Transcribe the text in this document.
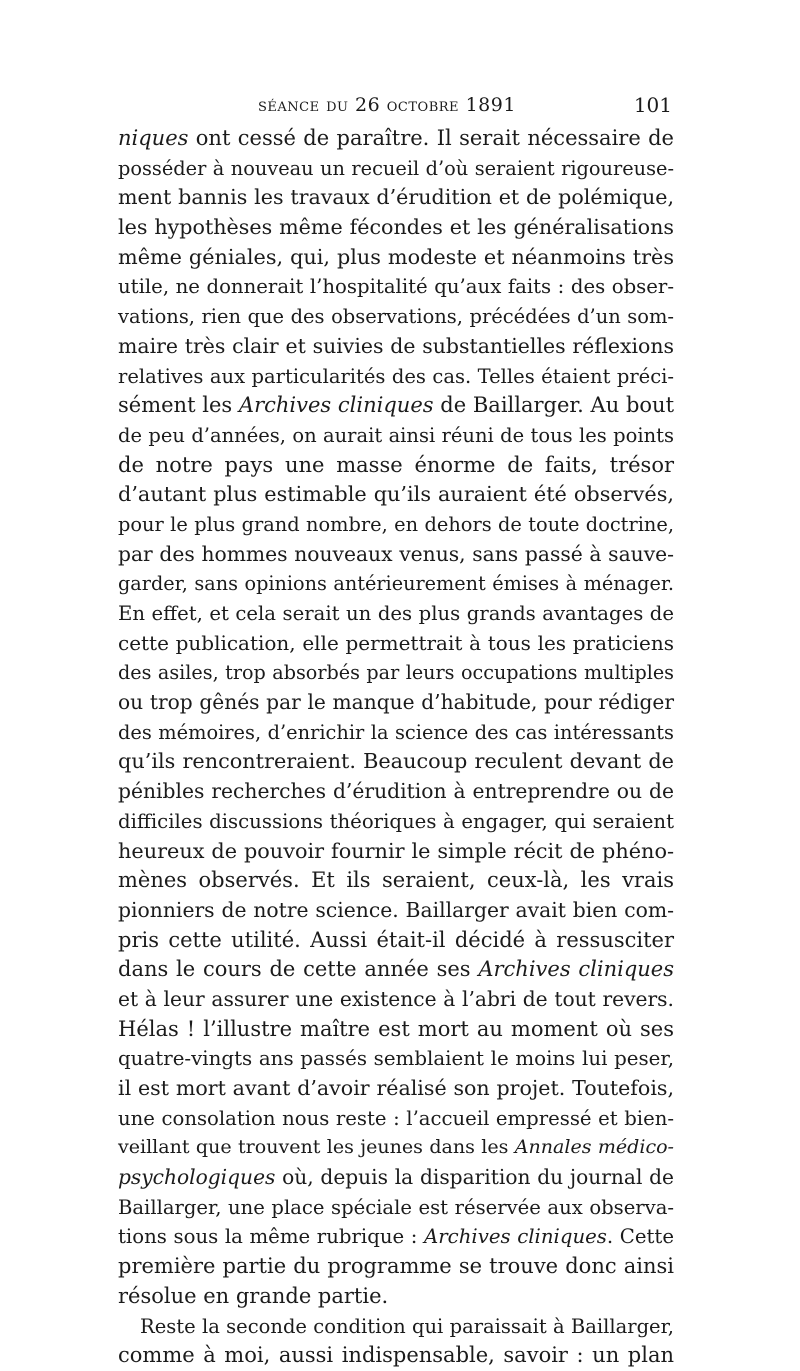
séance du 26 octobre 1891	101
niques ont cessé de paraître. Il serait nécessaire de
posséder à nouveau un recueil d’où seraient rigoureuse-
ment bannis les travaux d’érudition et de polémique,
les hypothèses même fécondes et les généralisations
même géniales, qui, plus modeste et néanmoins très
utile, ne donnerait l’hospitalité qu’aux faits : des obser-
vations, rien que des observations, précédées d’un som-
maire très clair et suivies de substantielles réflexions
relatives aux particularités des cas. Telles étaient préci-
sément les Archives cliniques de Baillarger. Au bout
de peu d’années, on aurait ainsi réuni de tous les points
de notre pays une masse énorme de faits, trésor
d’autant plus estimable qu’ils auraient été observés,
pour le plus grand nombre, en dehors de toute doctrine,
par des hommes nouveaux venus, sans passé à sauve-
garder, sans opinions antérieurement émises à ménager.
En effet, et cela serait un des plus grands avantages de
cette publication, elle permettrait à tous les praticiens
des asiles, trop absorbés par leurs occupations multiples
ou trop gênés par le manque d’habitude, pour rédiger
des mémoires, d’enrichir la science des cas intéressants
qu’ils rencontreraient. Beaucoup reculent devant de
pénibles recherches d’érudition à entreprendre ou de
difficiles discussions théoriques à engager, qui seraient
heureux de pouvoir fournir le simple récit de phéno-
mènes observés. Et ils seraient, ceux-là, les vrais
pionniers de notre science. Baillarger avait bien com-
pris cette utilité. Aussi était-il décidé à ressusciter
dans le cours de cette année ses Archives cliniques
et à leur assurer une existence à l’abri de tout revers.
Hélas ! l’illustre maître est mort au moment où ses
quatre-vingts ans passés semblaient le moins lui peser,
il est mort avant d’avoir réalisé son projet. Toutefois,
une consolation nous reste : l’accueil empressé et bien-
veillant que trouvent les jeunes dans les Annales médico-
psychologiques où, depuis la disparition du journal de
Baillarger, une place spéciale est réservée aux observa-
tions sous la même rubrique : Archives cliniques. Cette
première partie du programme se trouve donc ainsi
résolue en grande partie.
Reste la seconde condition qui paraissait à Baillarger,
comme à moi, aussi indispensable, savoir : un plan
